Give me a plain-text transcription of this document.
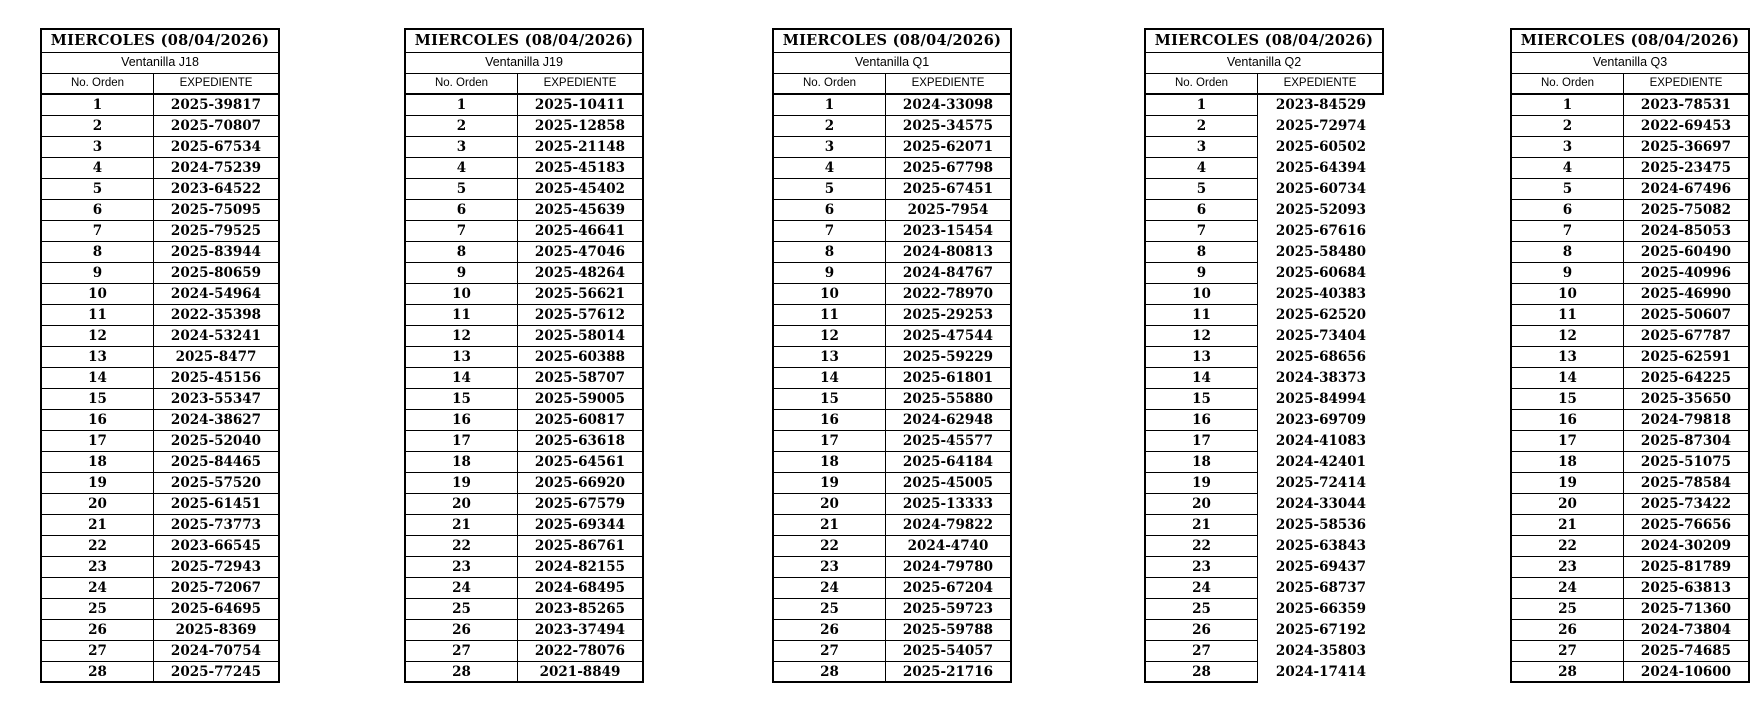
MIERCOLES (08/04/2026)
Ventanilla J18
No. Orden	EXPEDIENTE
1	2025-39817
2	2025-70807
3	2025-67534
4	2024-75239
5	2023-64522
6	2025-75095
7	2025-79525
8	2025-83944
9	2025-80659
10	2024-54964
11	2022-35398
12	2024-53241
13	2025-8477
14	2025-45156
15	2023-55347
16	2024-38627
17	2025-52040
18	2025-84465
19	2025-57520
20	2025-61451
21	2025-73773
22	2023-66545
23	2025-72943
24	2025-72067
25	2025-64695
26	2025-8369
27	2024-70754
28	2025-77245
MIERCOLES (08/04/2026)
Ventanilla J19
No. Orden	EXPEDIENTE
1	2025-10411
2	2025-12858
3	2025-21148
4	2025-45183
5	2025-45402
6	2025-45639
7	2025-46641
8	2025-47046
9	2025-48264
10	2025-56621
11	2025-57612
12	2025-58014
13	2025-60388
14	2025-58707
15	2025-59005
16	2025-60817
17	2025-63618
18	2025-64561
19	2025-66920
20	2025-67579
21	2025-69344
22	2025-86761
23	2024-82155
24	2024-68495
25	2023-85265
26	2023-37494
27	2022-78076
28	2021-8849
MIERCOLES (08/04/2026)
Ventanilla Q1
No. Orden	EXPEDIENTE
1	2024-33098
2	2025-34575
3	2025-62071
4	2025-67798
5	2025-67451
6	2025-7954
7	2023-15454
8	2024-80813
9	2024-84767
10	2022-78970
11	2025-29253
12	2025-47544
13	2025-59229
14	2025-61801
15	2025-55880
16	2024-62948
17	2025-45577
18	2025-64184
19	2025-45005
20	2025-13333
21	2024-79822
22	2024-4740
23	2024-79780
24	2025-67204
25	2025-59723
26	2025-59788
27	2025-54057
28	2025-21716
MIERCOLES (08/04/2026)
Ventanilla Q2
No. Orden	EXPEDIENTE
1	2023-84529
2	2025-72974
3	2025-60502
4	2025-64394
5	2025-60734
6	2025-52093
7	2025-67616
8	2025-58480
9	2025-60684
10	2025-40383
11	2025-62520
12	2025-73404
13	2025-68656
14	2024-38373
15	2025-84994
16	2023-69709
17	2024-41083
18	2024-42401
19	2025-72414
20	2024-33044
21	2025-58536
22	2025-63843
23	2025-69437
24	2025-68737
25	2025-66359
26	2025-67192
27	2024-35803
28	2024-17414
MIERCOLES (08/04/2026)
Ventanilla Q3
No. Orden	EXPEDIENTE
1	2023-78531
2	2022-69453
3	2025-36697
4	2025-23475
5	2024-67496
6	2025-75082
7	2024-85053
8	2025-60490
9	2025-40996
10	2025-46990
11	2025-50607
12	2025-67787
13	2025-62591
14	2025-64225
15	2025-35650
16	2024-79818
17	2025-87304
18	2025-51075
19	2025-78584
20	2025-73422
21	2025-76656
22	2024-30209
23	2025-81789
24	2025-63813
25	2025-71360
26	2024-73804
27	2025-74685
28	2024-10600
